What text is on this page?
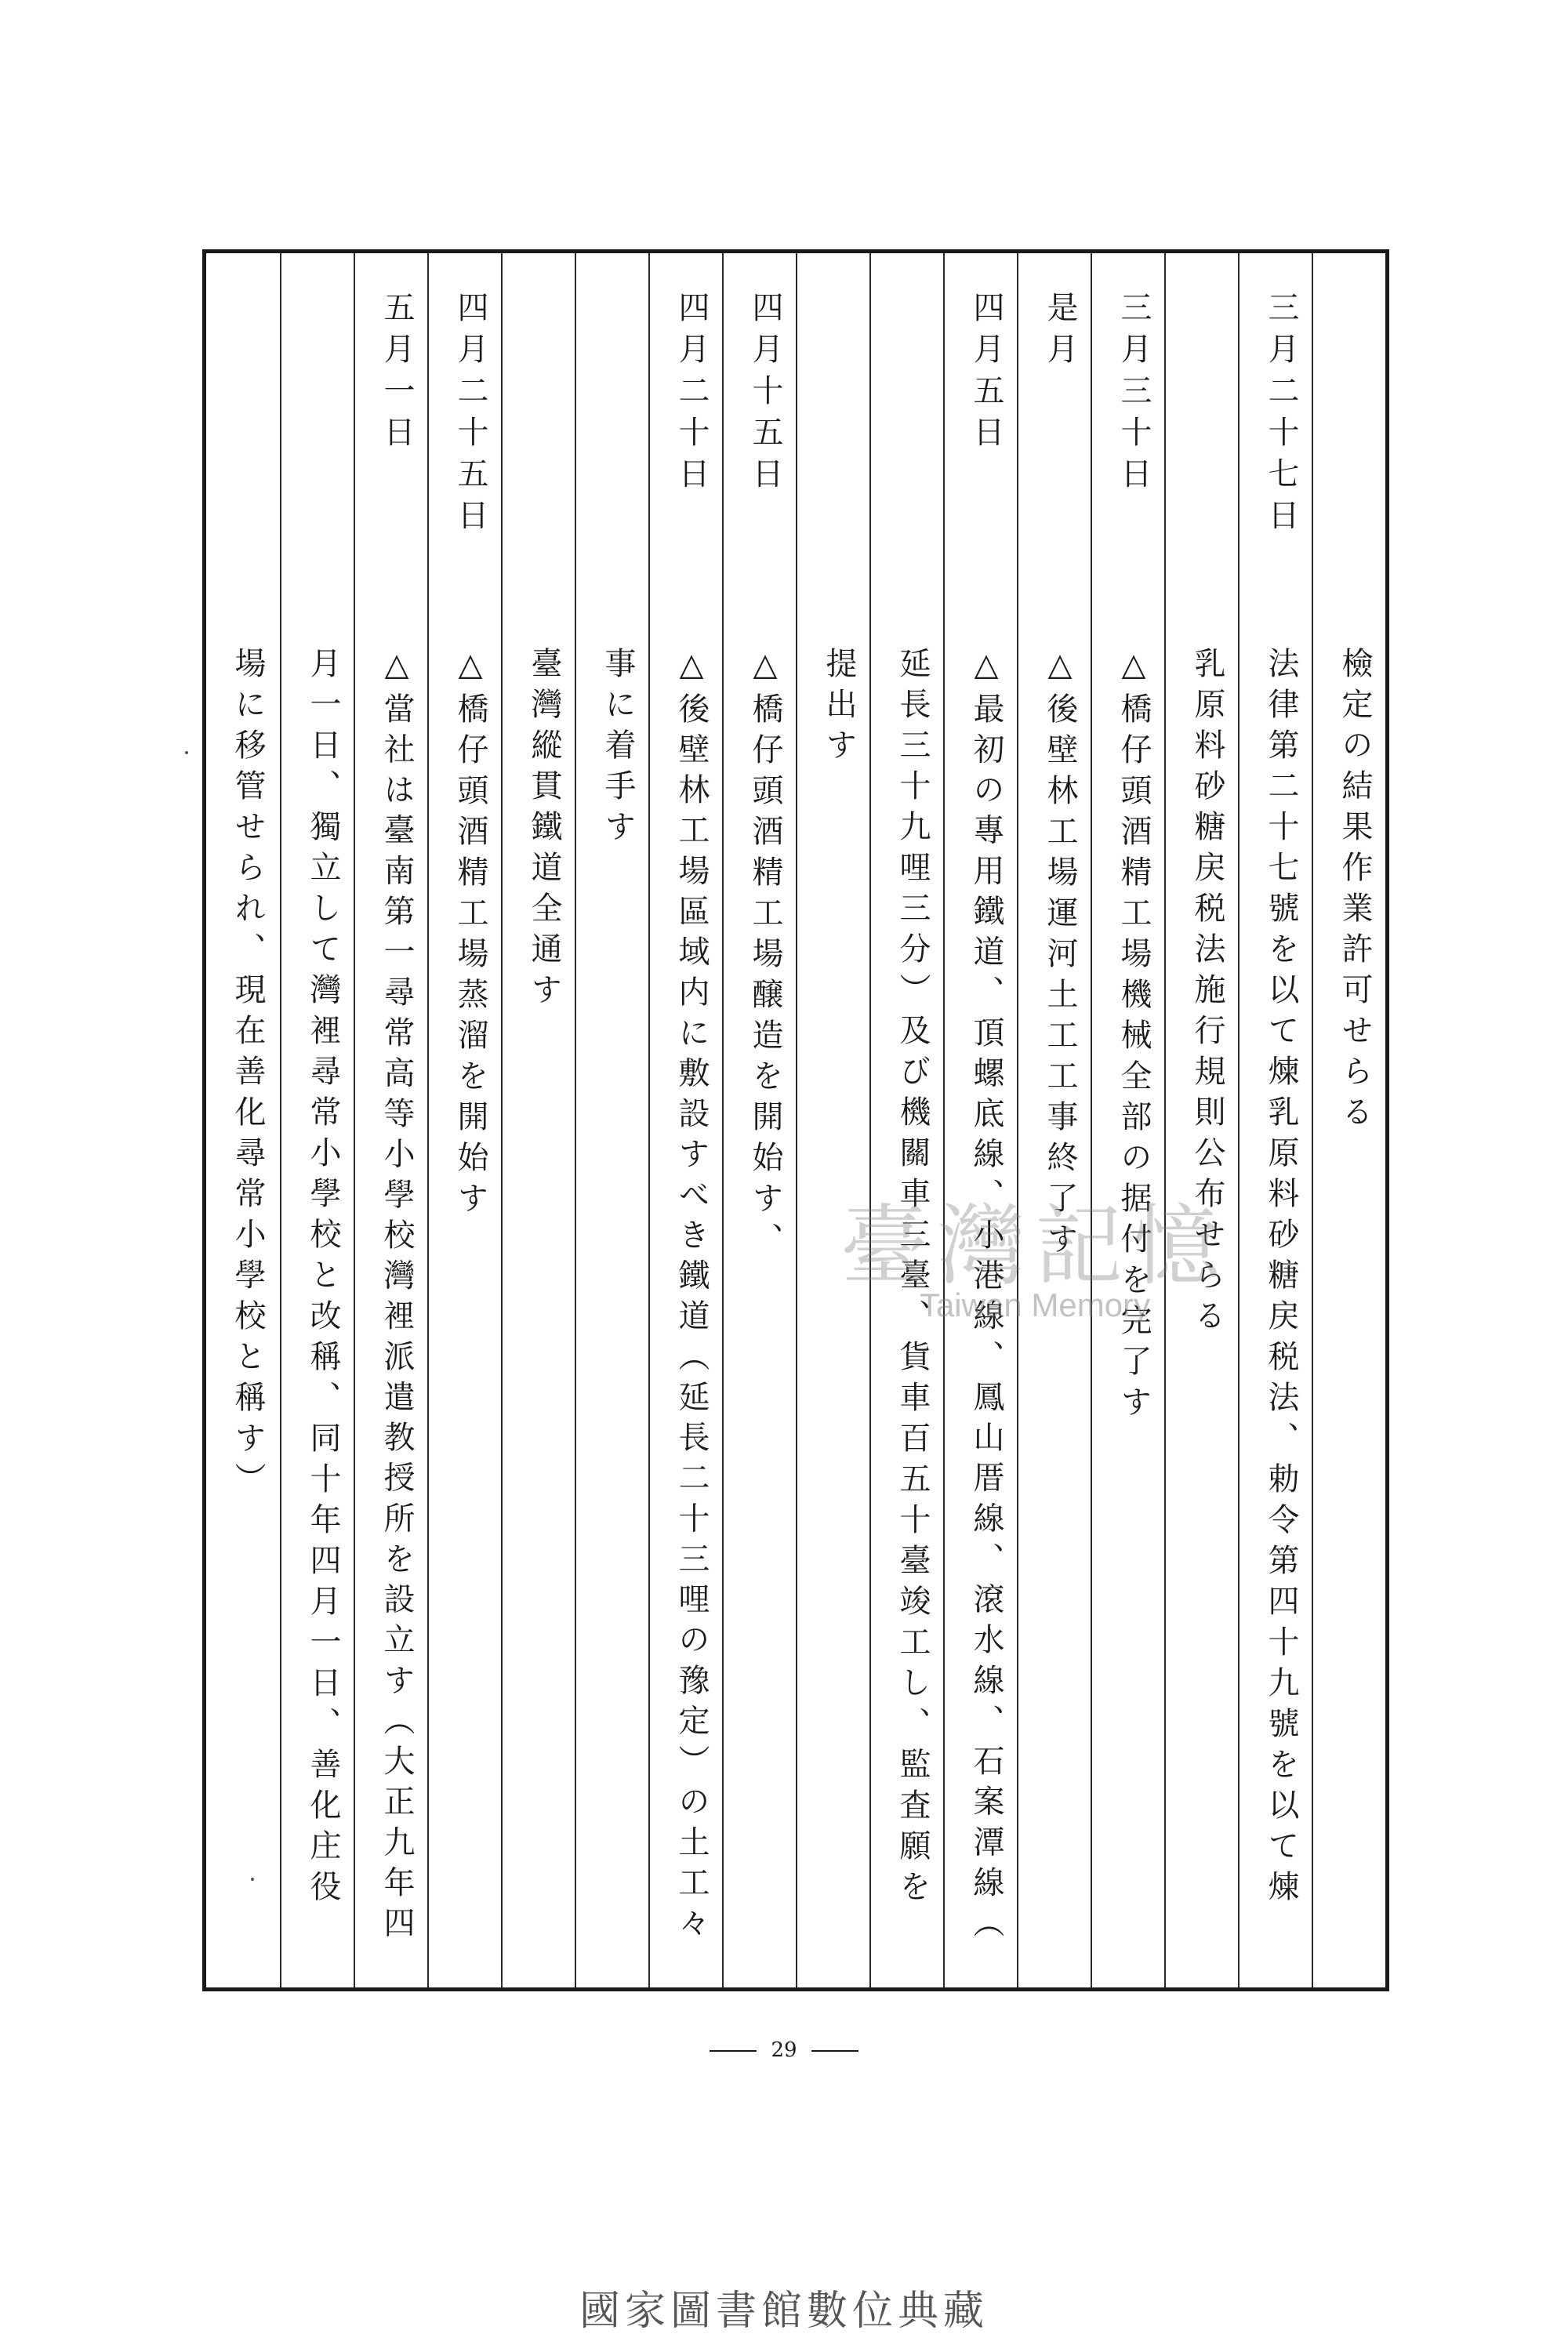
檢定の結果作業許可せらる
三月二十七日
法律第二十七號を以て煉乳原料砂糖戻税法、勅令第四十九號を以て煉
乳原料砂糖戻税法施行規則公布せらる
三月三十日
△橋仔頭酒精工場機械全部の据付を完了す
是月
△後壁林工場運河土工工事終了す
四月五日
△最初の專用鐵道、頂螺底線、小港線、鳳山厝線、滾水線、石案潭線（
延長三十九哩三分）及び機關車三臺、貨車百五十臺竣工し、監査願を
提出す
四月十五日
△橋仔頭酒精工場醸造を開始す、
四月二十日
△後壁林工場區域内に敷設すべき鐵道（延長二十三哩の豫定）の土工々
事に着手す
臺灣縱貫鐵道全通す
四月二十五日
△橋仔頭酒精工場蒸溜を開始す
五月一日
△當社は臺南第一尋常高等小學校灣裡派遣教授所を設立す（大正九年四
月一日、獨立して灣裡尋常小學校と改稱、同十年四月一日、善化庄役
場に移管せられ、現在善化尋常小學校と稱す）	臺灣記憶
Taiwan Memory
29
國家圖書館數位典藏
